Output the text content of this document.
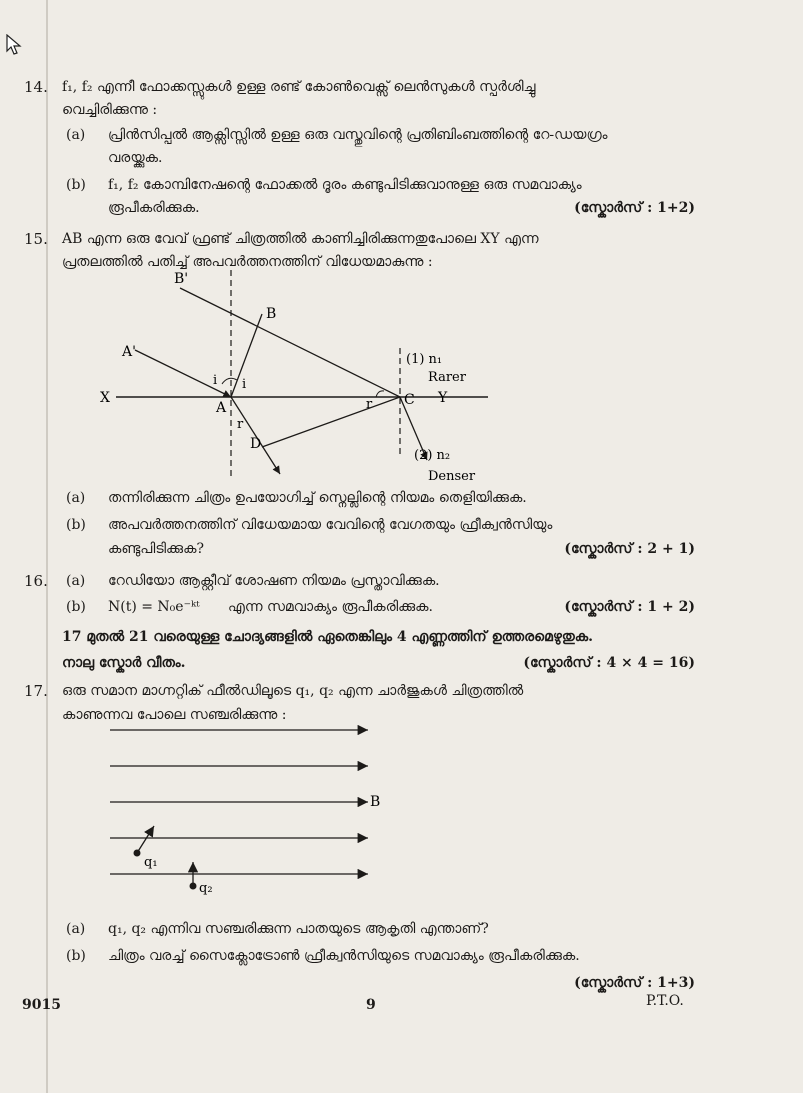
14. f₁, f₂ എന്നീ ഫോക്കസ്സുകൾ ഉള്ള രണ്ട് കോൺവെക്സ് ലെൻസുകൾ സ്പർശിച്ചു

വെച്ചിരിക്കുന്നു :

(a) പ്രിൻസിപ്പൽ ആക്സിസ്സിൽ ഉള്ള ഒരു വസ്തുവിന്റെ പ്രതിബിംബത്തിന്റെ റേ-ഡയഗ്രം

വരയ്ക്കുക.

(b) f₁, f₂ കോമ്പിനേഷന്റെ ഫോക്കൽ ദൂരം കണ്ടുപിടിക്കുവാനുള്ള ഒരു സമവാക്യം

രൂപീകരിക്കുക.	(സ്കോർസ് : 1+2)

15. AB എന്ന ഒരു വേവ് ഫ്രണ്ട് ചിത്രത്തിൽ കാണിച്ചിരിക്കുന്നതുപോലെ XY എന്ന

പ്രതലത്തിൽ പതിച്ച് അപവർത്തനത്തിന് വിധേയമാകുന്നു :

B'
B
A'
X
A
i i
r
r C Y
D
(1) n₁
Rarer
(2) n₂
Denser

(a) തന്നിരിക്കുന്ന ചിത്രം ഉപയോഗിച്ച് സ്നെല്ലിന്റെ നിയമം തെളിയിക്കുക.

(b) അപവർത്തനത്തിന് വിധേയമായ വേവിന്റെ വേഗതയും ഫ്രീക്വൻസിയും

കണ്ടുപിടിക്കുക?	(സ്കോർസ് : 2 + 1)

16. (a) റേഡിയോ ആക്റ്റീവ് ശോഷണ നിയമം പ്രസ്താവിക്കുക.

(b) N(t) = N₀e⁻ᵏᵗ എന്ന സമവാക്യം രൂപീകരിക്കുക.	(സ്കോർസ് : 1 + 2)

17 മുതൽ 21 വരെയുള്ള ചോദ്യങ്ങളിൽ ഏതെങ്കിലും 4 എണ്ണത്തിന് ഉത്തരമെഴുതുക.

നാലു സ്കോർ വീതം.	(സ്കോർസ് : 4 × 4 = 16)

17. ഒരു സമാന മാഗ്നറ്റിക് ഫീൽഡിലൂടെ q₁, q₂ എന്ന ചാർജുകൾ ചിത്രത്തിൽ

കാണുന്നവ പോലെ സഞ്ചരിക്കുന്നു :

B
q₁
q₂

(a) q₁, q₂ എന്നിവ സഞ്ചരിക്കുന്ന പാതയുടെ ആകൃതി എന്താണ്?

(b) ചിത്രം വരച്ച് സൈക്ലോട്രോൺ ഫ്രീക്വൻസിയുടെ സമവാക്യം രൂപീകരിക്കുക.

(സ്കോർസ് : 1+3)

9015	9	P.T.O.
